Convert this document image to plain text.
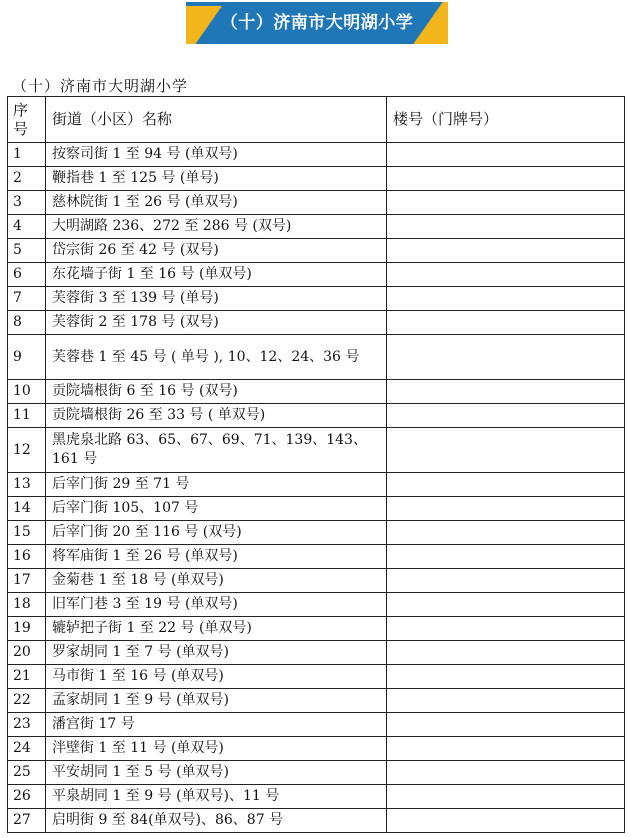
（十）济南市大明湖小学
（十）济南市大明湖小学
序
号	街道（小区）名称	楼号（门牌号）
1	按察司街 1 至 94 号 (单双号)	
2	鞭指巷 1 至 125 号 (单号)	
3	慈林院街 1 至 26 号 (单双号)	
4	大明湖路 236、272 至 286 号 (双号)	
5	岱宗街 26 至 42 号 (双号)	
6	东花墙子街 1 至 16 号 (单双号)	
7	芙蓉街 3 至 139 号 (单号)	
8	芙蓉街 2 至 178 号 (双号)	
9	芙蓉巷 1 至 45 号 ( 单号 ), 10、12、24、36 号	
10	贡院墙根街 6 至 16 号 (双号)	
11	贡院墙根街 26 至 33 号 ( 单双号)	
12	黑虎泉北路 63、65、67、69、71、139、143、161 号	
13	后宰门街 29 至 71 号	
14	后宰门街 105、107 号	
15	后宰门街 20 至 116 号 (双号)	
16	将军庙街 1 至 26 号 (单双号)	
17	金菊巷 1 至 18 号 (单双号)	
18	旧军门巷 3 至 19 号 (单双号)	
19	辘轳把子街 1 至 22 号 (单双号)	
20	罗家胡同 1 至 7 号 (单双号)	
21	马市街 1 至 16 号 (单双号)	
22	孟家胡同 1 至 9 号 (单双号)	
23	潘宫街 17 号	
24	泮壁街 1 至 11 号 (单双号)	
25	平安胡同 1 至 5 号 (单双号)	
26	平泉胡同 1 至 9 号 (单双号)、11 号	
27	启明街 9 至 84(单双号)、86、87 号	
